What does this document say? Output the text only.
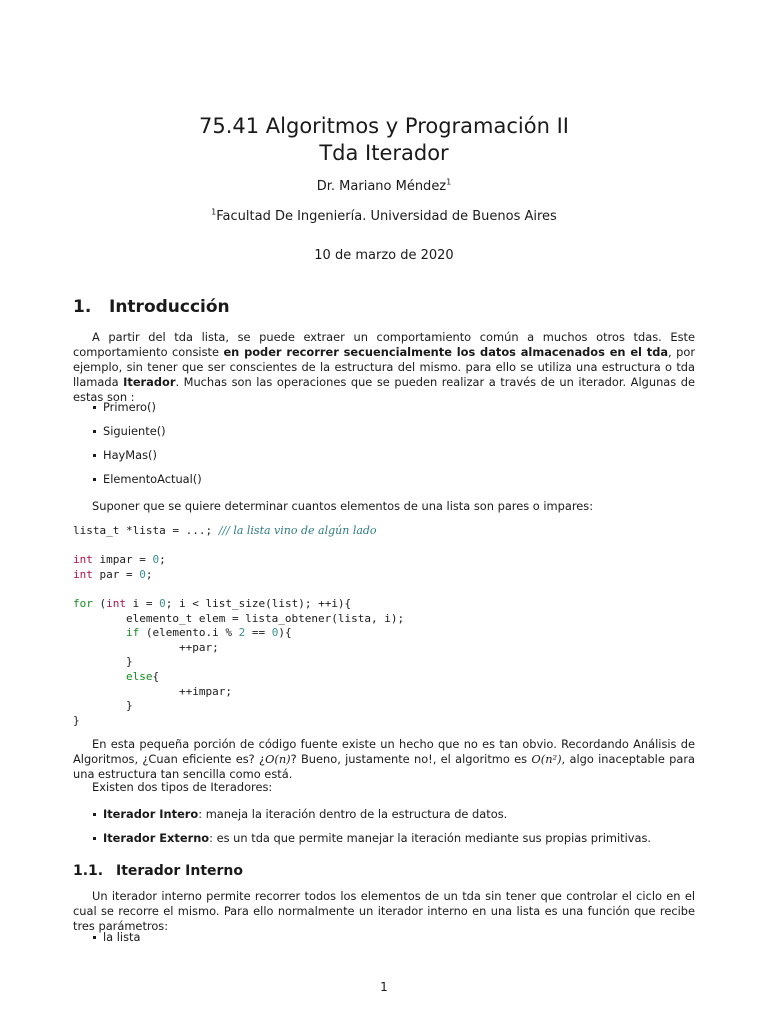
75.41 Algoritmos y Programación II
Tda Iterador
Dr. Mariano Méndez$^1$
$^1$Facultad De Ingeniería. Universidad de Buenos Aires
10 de marzo de 2020
1. Introducción
A partir del tda lista, se puede extraer un comportamiento común a muchos otros tdas. Este comportamiento consiste en poder recorrer secuencialmente los datos almacenados en el tda, por ejemplo, sin tener que ser conscientes de la estructura del mismo. para ello se utiliza una estructura o tda llamada Iterador. Muchas son las operaciones que se pueden realizar a través de un iterador. Algunas de estas son :
Primero()
Siguiente()
HayMas()
ElementoActual()
Suponer que se quiere determinar cuantos elementos de una lista son pares o impares:
lista_t *lista = ...; /// la lista vino de algún lado

int impar = 0;
int par = 0;

for (int i = 0; i < list_size(list); ++i){
elemento_t elem = lista_obtener(lista, i);
if (elemento.i % 2 == 0){
++par;
}
else{
++impar;
}
}
En esta pequeña porción de código fuente existe un hecho que no es tan obvio. Recordando Análisis de Algoritmos, ¿Cuan eficiente es? ¿O(n)? Bueno, justamente no!, el algoritmo es O(n²), algo inaceptable para una estructura tan sencilla como está.
Existen dos tipos de Iteradores:
Iterador Intero: maneja la iteración dentro de la estructura de datos.
Iterador Externo: es un tda que permite manejar la iteración mediante sus propias primitivas.
1.1. Iterador Interno
Un iterador interno permite recorrer todos los elementos de un tda sin tener que controlar el ciclo en el cual se recorre el mismo. Para ello normalmente un iterador interno en una lista es una función que recibe tres parámetros:
la lista
1
